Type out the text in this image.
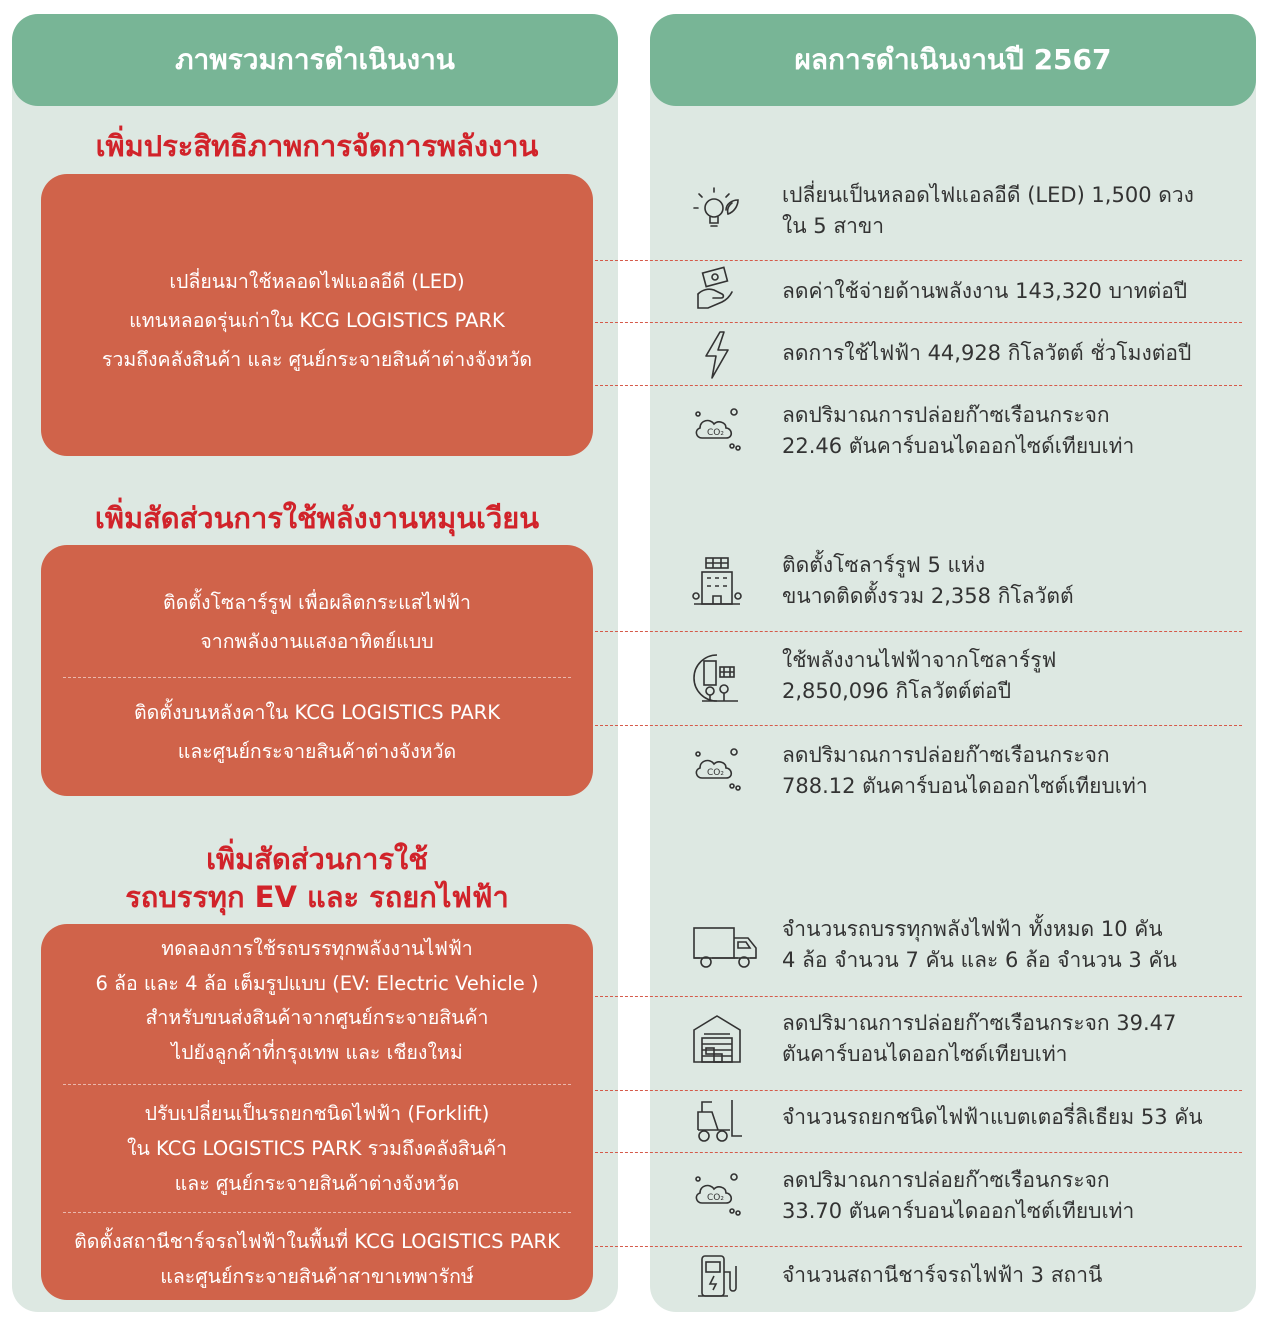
ภาพรวมการดำเนินงาน	ผลการดำเนินงานปี 2567
เพิ่มประสิทธิภาพการจัดการพลังงาน
เปลี่ยนมาใช้หลอดไฟแอลอีดี (LED)
แทนหลอดรุ่นเก่าใน KCG LOGISTICS PARK
รวมถึงคลังสินค้า และ ศูนย์กระจายสินค้าต่างจังหวัด
เพิ่มสัดส่วนการใช้พลังงานหมุนเวียน
ติดตั้งโซลาร์รูฟ เพื่อผลิตกระแสไฟฟ้า
จากพลังงานแสงอาทิตย์แบบ
ติดตั้งบนหลังคาใน KCG LOGISTICS PARK
และศูนย์กระจายสินค้าต่างจังหวัด
เพิ่มสัดส่วนการใช้
รถบรรทุก EV และ รถยกไฟฟ้า
ทดลองการใช้รถบรรทุกพลังงานไฟฟ้า
6 ล้อ และ 4 ล้อ เต็มรูปแบบ (EV: Electric Vehicle )
สำหรับขนส่งสินค้าจากศูนย์กระจายสินค้า
ไปยังลูกค้าที่กรุงเทพ และ เชียงใหม่
ปรับเปลี่ยนเป็นรถยกชนิดไฟฟ้า (Forklift)
ใน KCG LOGISTICS PARK รวมถึงคลังสินค้า
และ ศูนย์กระจายสินค้าต่างจังหวัด
ติดตั้งสถานีชาร์จรถไฟฟ้าในพื้นที่ KCG LOGISTICS PARK
และศูนย์กระจายสินค้าสาขาเทพารักษ์
เปลี่ยนเป็นหลอดไฟแอลอีดี (LED) 1,500 ดวง
ใน 5 สาขา
ลดค่าใช้จ่ายด้านพลังงาน 143,320 บาทต่อปี
ลดการใช้ไฟฟ้า 44,928 กิโลวัตต์ ชั่วโมงต่อปี
CO₂
ลดปริมาณการปล่อยก๊าซเรือนกระจก
22.46 ตันคาร์บอนไดออกไซด์เทียบเท่า
ติดตั้งโซลาร์รูฟ 5 แห่ง
ขนาดติดตั้งรวม 2,358 กิโลวัตต์
ใช้พลังงานไฟฟ้าจากโซลาร์รูฟ
2,850,096 กิโลวัตต์ต่อปี
CO₂
ลดปริมาณการปล่อยก๊าซเรือนกระจก
788.12 ตันคาร์บอนไดออกไซต์เทียบเท่า
จำนวนรถบรรทุกพลังไฟฟ้า ทั้งหมด 10 คัน
4 ล้อ จำนวน 7 คัน และ 6 ล้อ จำนวน 3 คัน
ลดปริมาณการปล่อยก๊าซเรือนกระจก 39.47
ตันคาร์บอนไดออกไซด์เทียบเท่า
จำนวนรถยกชนิดไฟฟ้าแบตเตอรี่ลิเธียม 53 คัน
CO₂
ลดปริมาณการปล่อยก๊าซเรือนกระจก
33.70 ตันคาร์บอนไดออกไซต์เทียบเท่า
จำนวนสถานีชาร์จรถไฟฟ้า 3 สถานี
